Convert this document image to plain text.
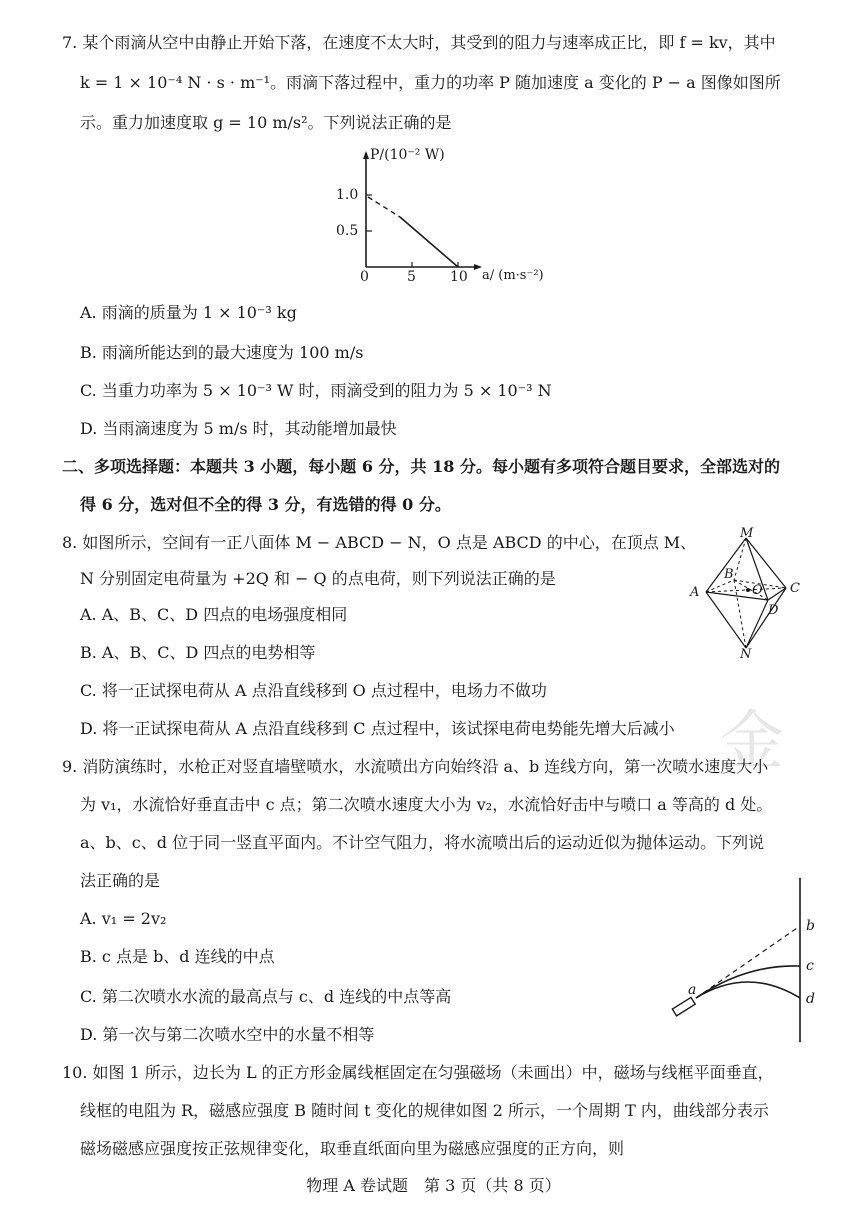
金
7. 某个雨滴从空中由静止开始下落，在速度不太大时，其受到的阻力与速率成正比，即 f = kv，其中
k = 1 × 10⁻⁴ N · s · m⁻¹。雨滴下落过程中，重力的功率 P 随加速度 a 变化的 P − a 图像如图所
示。重力加速度取 g = 10 m/s²。下列说法正确的是
P/(10⁻² W)
1.0
0.5
0	5 10 a/ (m·s⁻²)
A. 雨滴的质量为 1 × 10⁻³ kg
B. 雨滴所能达到的最大速度为 100 m/s
C. 当重力功率为 5 × 10⁻³ W 时，雨滴受到的阻力为 5 × 10⁻³ N
D. 当雨滴速度为 5 m/s 时，其动能增加最快
二、多项选择题：本题共 3 小题，每小题 6 分，共 18 分。每小题有多项符合题目要求，全部选对的
得 6 分，选对但不全的得 3 分，有选错的得 0 分。
8. 如图所示，空间有一正八面体 M − ABCD − N，O 点是 ABCD 的中心，在顶点 M、
N 分别固定电荷量为 +2Q 和 − Q 的点电荷，则下列说法正确的是
M
N
A
B
C
D
O
A. A、B、C、D 四点的电场强度相同
B. A、B、C、D 四点的电势相等
C. 将一正试探电荷从 A 点沿直线移到 O 点过程中，电场力不做功
D. 将一正试探电荷从 A 点沿直线移到 C 点过程中，该试探电荷电势能先增大后减小
9. 消防演练时，水枪正对竖直墙壁喷水，水流喷出方向始终沿 a、b 连线方向，第一次喷水速度大小
为 v₁，水流恰好垂直击中 c 点；第二次喷水速度大小为 v₂，水流恰好击中与喷口 a 等高的 d 处。
a、b、c、d 位于同一竖直平面内。不计空气阻力，将水流喷出后的运动近似为抛体运动。下列说
法正确的是
a
b
c
d
A. v₁ = 2v₂
B. c 点是 b、d 连线的中点
C. 第二次喷水水流的最高点与 c、d 连线的中点等高
D. 第一次与第二次喷水空中的水量不相等
10. 如图 1 所示，边长为 L 的正方形金属线框固定在匀强磁场（未画出）中，磁场与线框平面垂直，
线框的电阻为 R，磁感应强度 B 随时间 t 变化的规律如图 2 所示，一个周期 T 内，曲线部分表示
磁场磁感应强度按正弦规律变化，取垂直纸面向里为磁感应强度的正方向，则
物理 A 卷试题　第 3 页（共 8 页）
